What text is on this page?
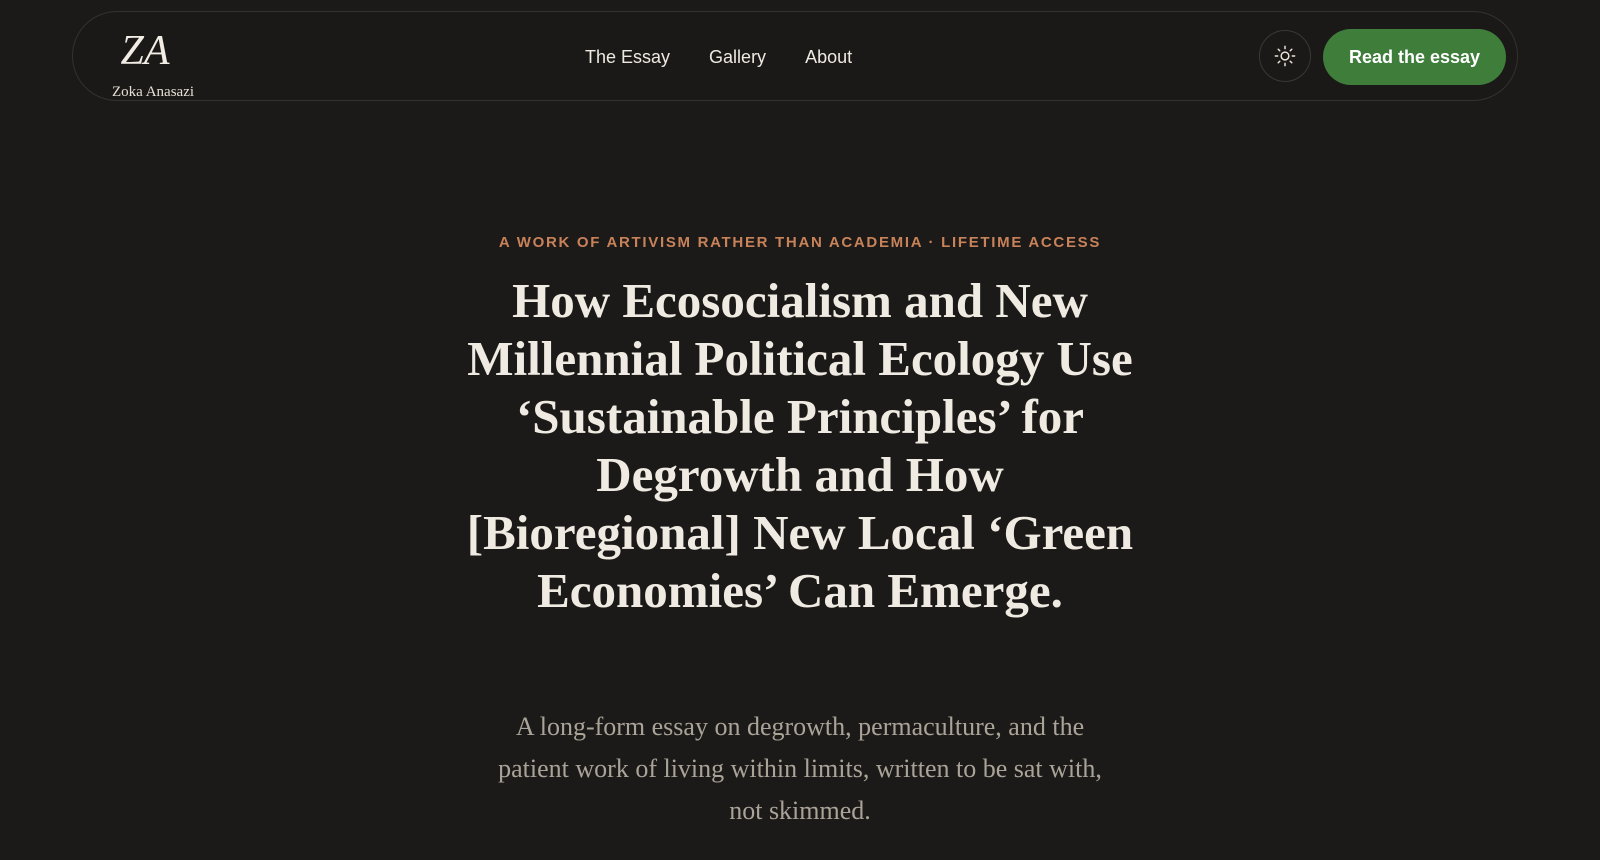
ZA
Zoka Anasazi
The Essay Gallery About	Read the essay
A WORK OF ARTIVISM RATHER THAN ACADEMIA · LIFETIME ACCESS
How Ecosocialism and New Millennial Political Ecology Use ‘Sustainable Principles’ for Degrowth and How [Bioregional] New Local ‘Green Economies’ Can Emerge.

A long-form essay on degrowth, permaculture, and the patient work of living within limits, written to be sat with, not skimmed.
